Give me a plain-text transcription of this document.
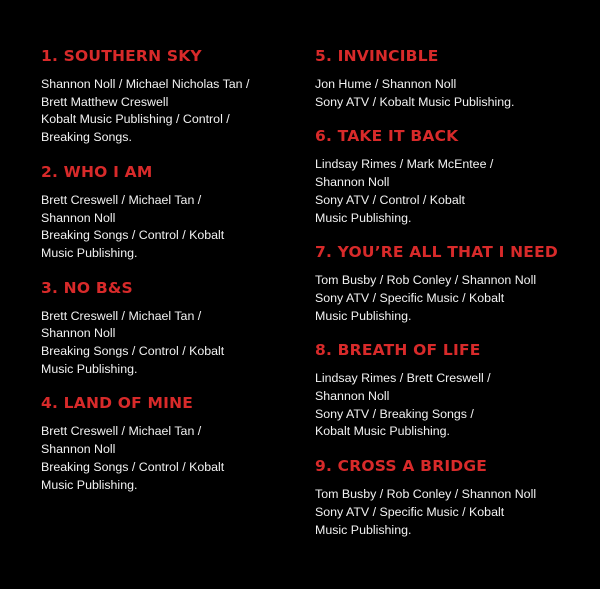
1. SOUTHERN SKY
Shannon Noll / Michael Nicholas Tan /
Brett Matthew Creswell
Kobalt Music Publishing / Control /
Breaking Songs.
2. WHO I AM
Brett Creswell / Michael Tan /
Shannon Noll
Breaking Songs / Control / Kobalt
Music Publishing.
3. NO B&S
Brett Creswell / Michael Tan /
Shannon Noll
Breaking Songs / Control / Kobalt
Music Publishing.
4. LAND OF MINE
Brett Creswell / Michael Tan /
Shannon Noll
Breaking Songs / Control / Kobalt
Music Publishing.
5. INVINCIBLE
Jon Hume / Shannon Noll
Sony ATV / Kobalt Music Publishing.
6. TAKE IT BACK
Lindsay Rimes / Mark McEntee /
Shannon Noll
Sony ATV / Control / Kobalt
Music Publishing.
7. YOU’RE ALL THAT I NEED
Tom Busby / Rob Conley / Shannon Noll
Sony ATV / Specific Music / Kobalt
Music Publishing.
8. BREATH OF LIFE
Lindsay Rimes / Brett Creswell /
Shannon Noll
Sony ATV / Breaking Songs /
Kobalt Music Publishing.
9. CROSS A BRIDGE
Tom Busby / Rob Conley / Shannon Noll
Sony ATV / Specific Music / Kobalt
Music Publishing.
